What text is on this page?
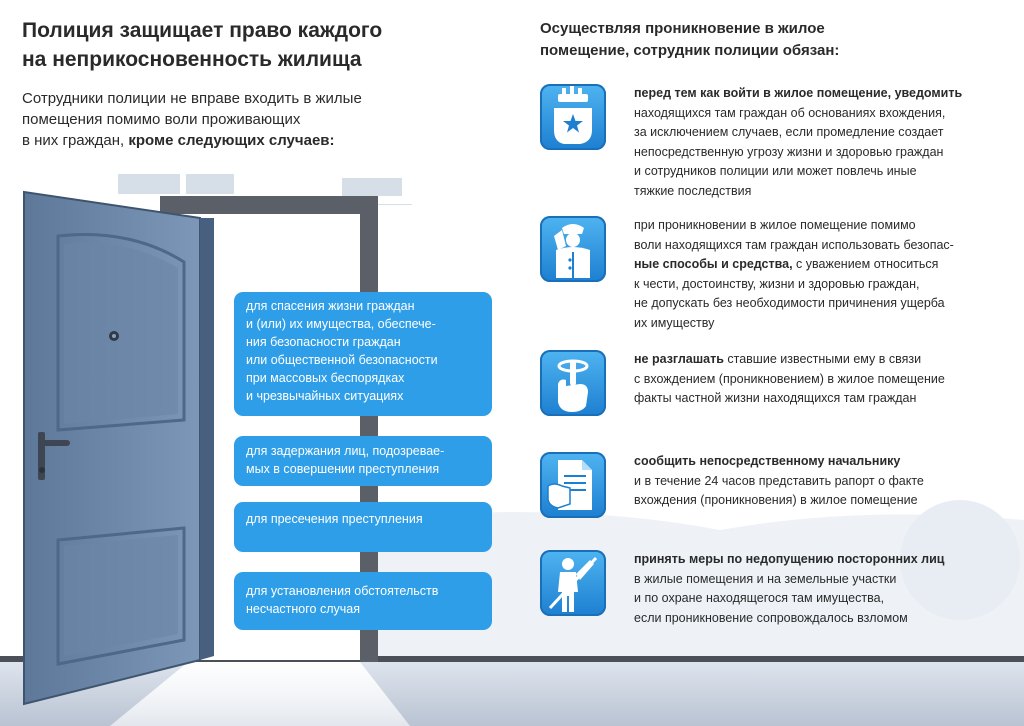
Полиция защищает право каждого
на неприкосновенность жилища
Сотрудники полиции не вправе входить в жилые
помещения помимо воли проживающих
в них граждан, кроме следующих случаев:
Осуществляя проникновение в жилое
помещение, сотрудник полиции обязан:
для спасения жизни граждан
и (или) их имущества, обеспече-
ния безопасности граждан
или общественной безопасности
при массовых беспорядках
и чрезвычайных ситуациях
для задержания лиц, подозревае-
мых в совершении преступления
для пресечения преступления
для установления обстоятельств
несчастного случая
перед тем как войти в жилое помещение, уведомить
находящихся там граждан об основаниях вхождения,
за исключением случаев, если промедление создает
непосредственную угрозу жизни и здоровью граждан
и сотрудников полиции или может повлечь иные
тяжкие последствия
при проникновении в жилое помещение помимо
воли находящихся там граждан использовать безопас-
ные способы и средства, с уважением относиться
к чести, достоинству, жизни и здоровью граждан,
не допускать без необходимости причинения ущерба
их имуществу
не разглашать ставшие известными ему в связи
с вхождением (проникновением) в жилое помещение
факты частной жизни находящихся там граждан
сообщить непосредственному начальнику
и в течение 24 часов представить рапорт о факте
вхождения (проникновения) в жилое помещение
принять меры по недопущению посторонних лиц
в жилые помещения и на земельные участки
и по охране находящегося там имущества,
если проникновение сопровождалось взломом
